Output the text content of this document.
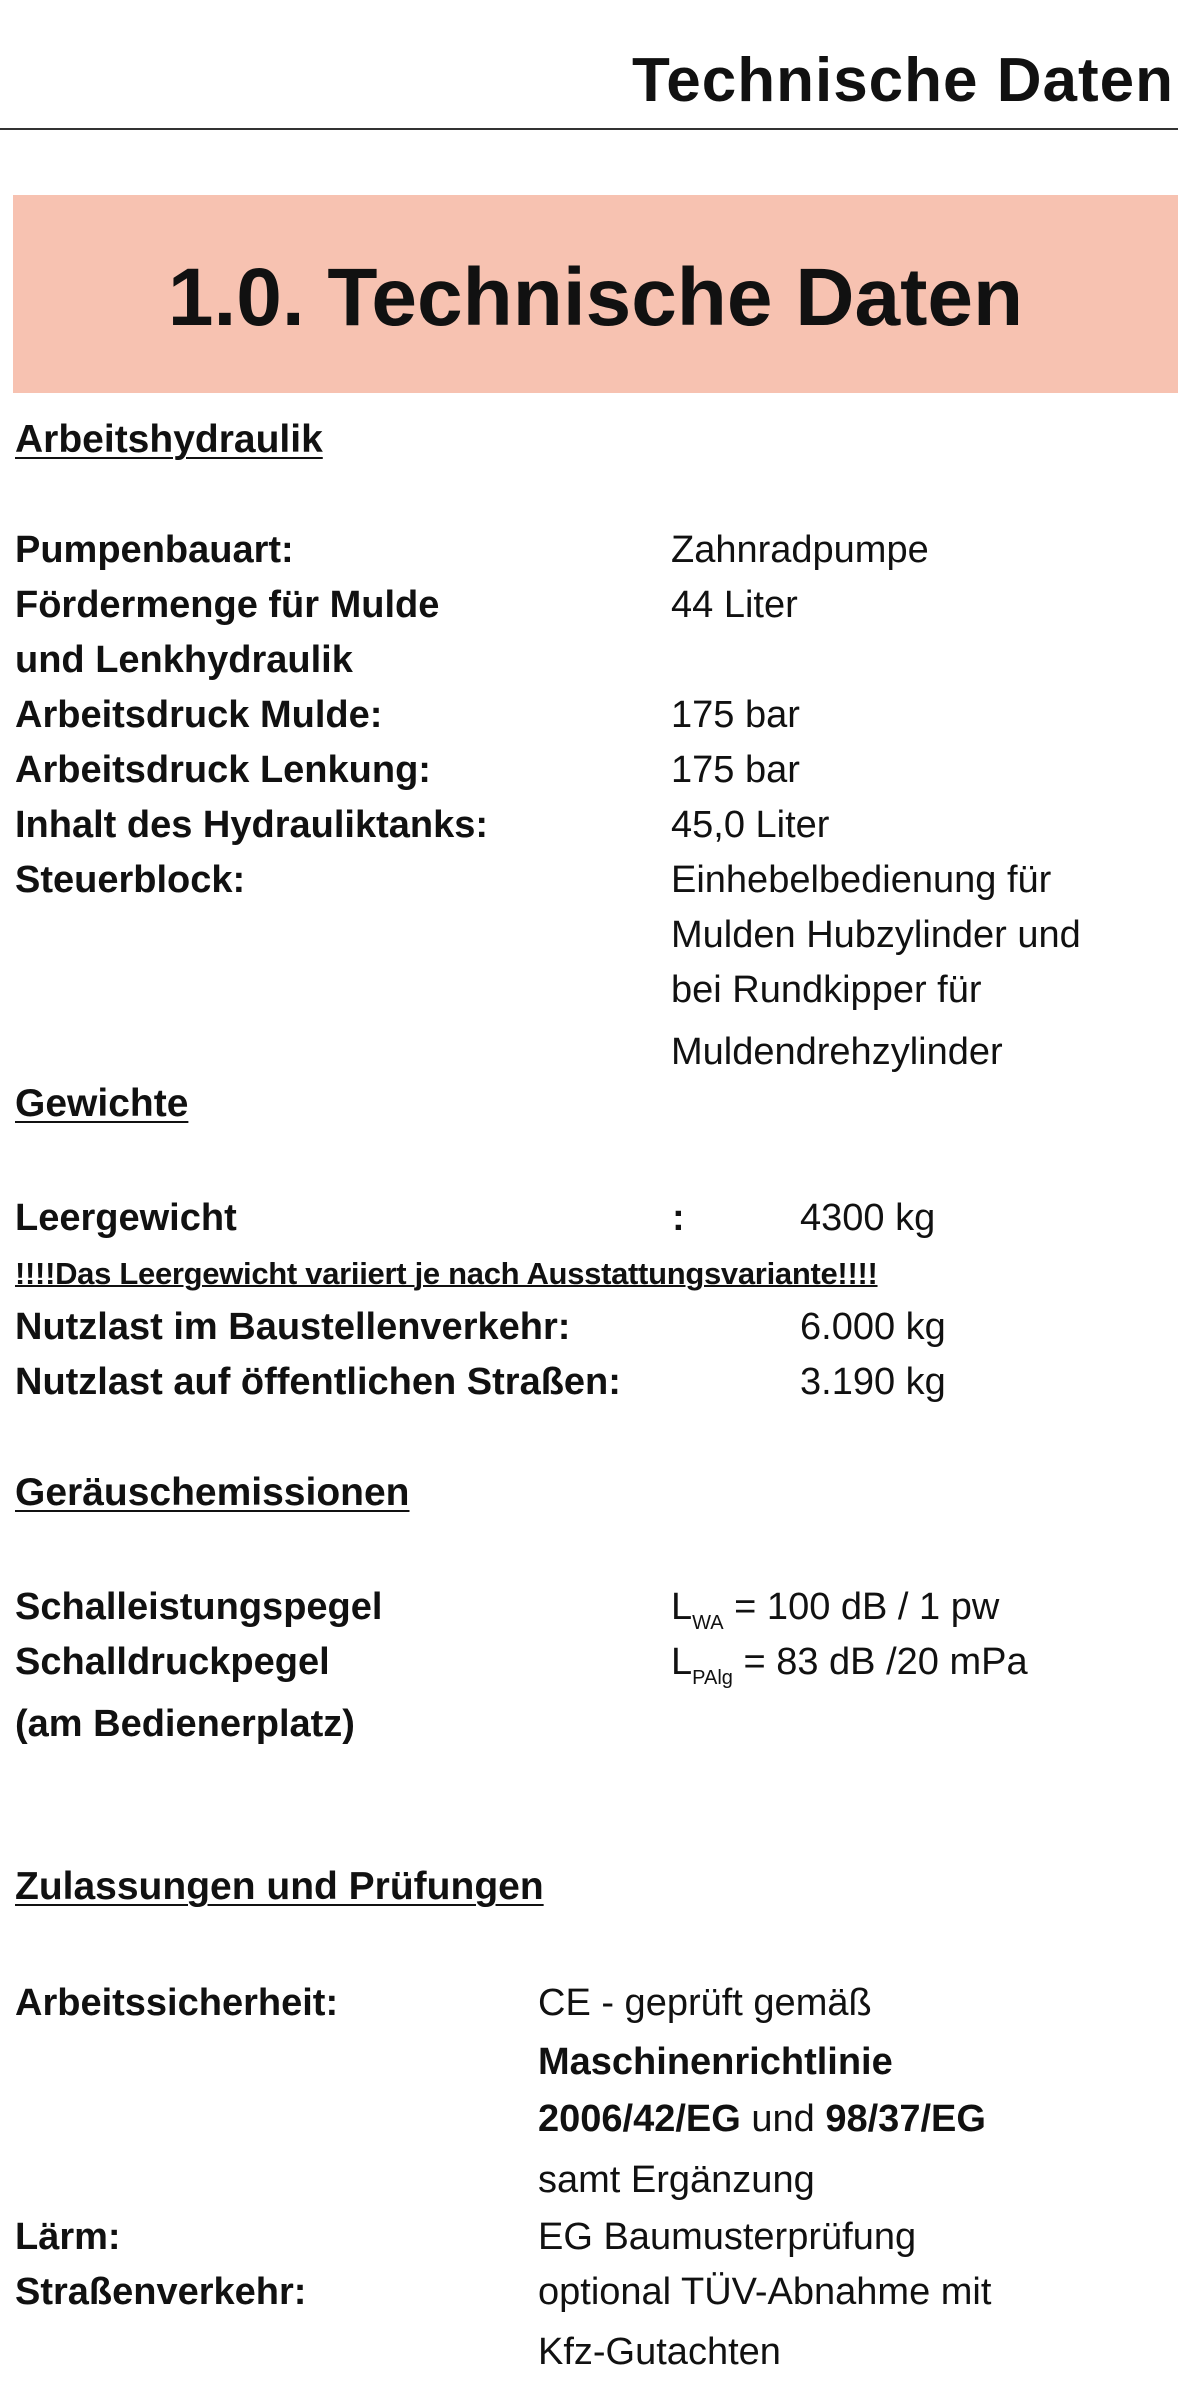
Technische Daten
1.0. Technische Daten
Arbeitshydraulik
Pumpenbauart:	Zahnradpumpe
Fördermenge für Mulde	44 Liter
und Lenkhydraulik
Arbeitsdruck Mulde:	175 bar
Arbeitsdruck Lenkung:	175 bar
Inhalt des Hydrauliktanks:	45,0 Liter
Steuerblock:	Einhebelbedienung für
Mulden Hubzylinder und
bei Rundkipper für
Muldendrehzylinder
Gewichte
Leergewicht	:	4300 kg
!!!!Das Leergewicht variiert je nach Ausstattungsvariante!!!!
Nutzlast im Baustellenverkehr:	6.000 kg
Nutzlast auf öffentlichen Straßen:	3.190 kg
Geräuschemissionen
Schalleistungspegel	$L_{WA} = 100$ dB / 1 pw
Schalldruckpegel	$L_{PAlg} = 83$ dB /20 mPa
(am Bedienerplatz)
Zulassungen und Prüfungen
Arbeitssicherheit:	CE - geprüft gemäß
Maschinenrichtlinie
2006/42/EG und 98/37/EG
samt Ergänzung
Lärm:	EG Baumusterprüfung
Straßenverkehr:	optional TÜV-Abnahme mit
Kfz-Gutachten
